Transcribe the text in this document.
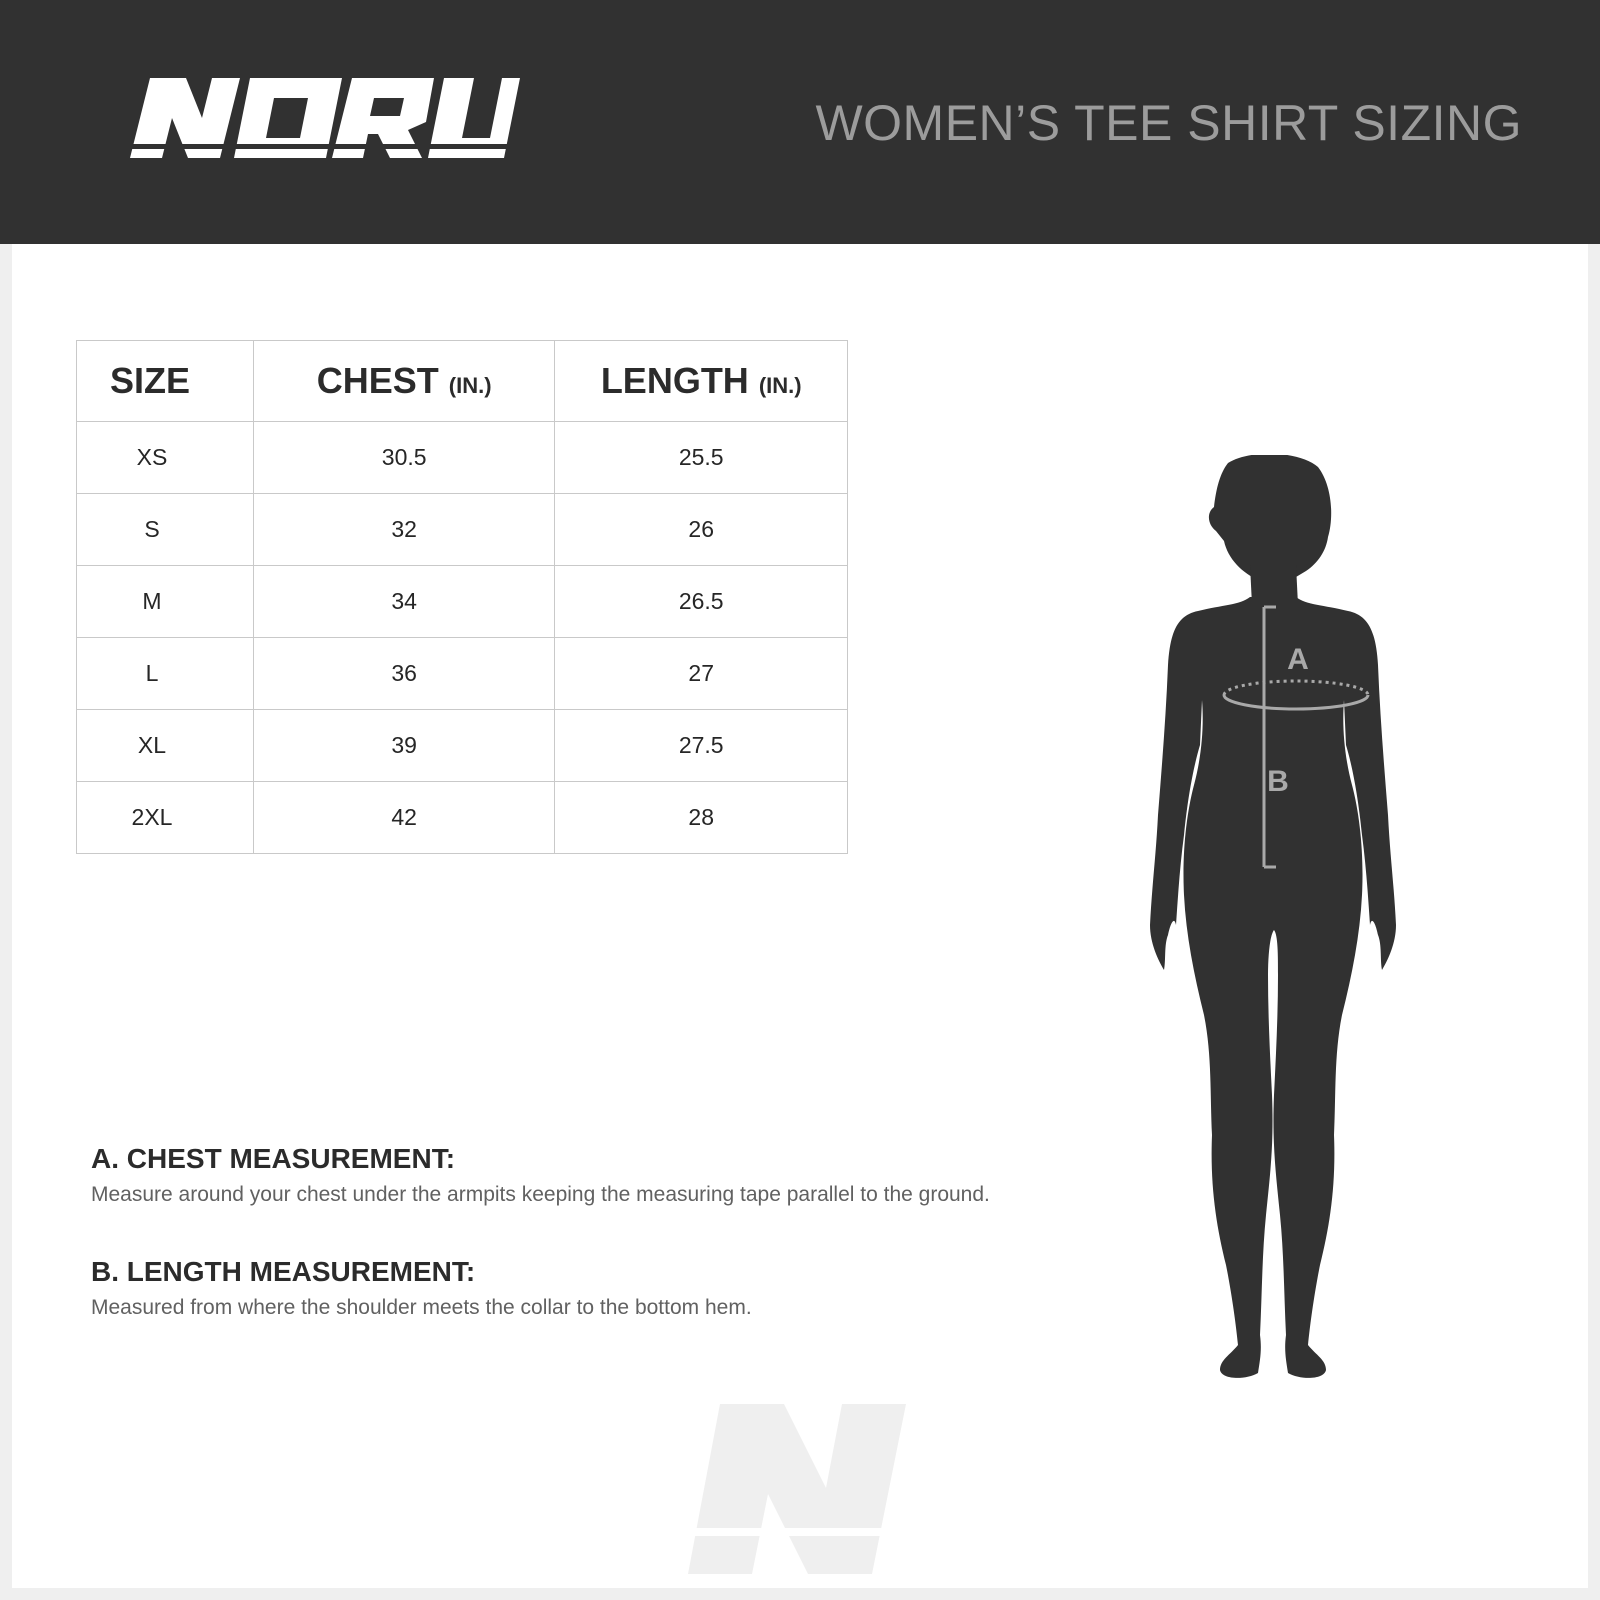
WOMEN’S TEE SHIRT SIZING
SIZE	CHEST (IN.)	LENGTH (IN.)
XS	30.5	25.5
S	32	26
M	34	26.5
L	36	27
XL	39	27.5
2XL	42	28
A
B
A. CHEST MEASUREMENT:

Measure around your chest under the armpits keeping the measuring tape parallel to the ground.

B. LENGTH MEASUREMENT:

Measured from where the shoulder meets the collar to the bottom hem.
